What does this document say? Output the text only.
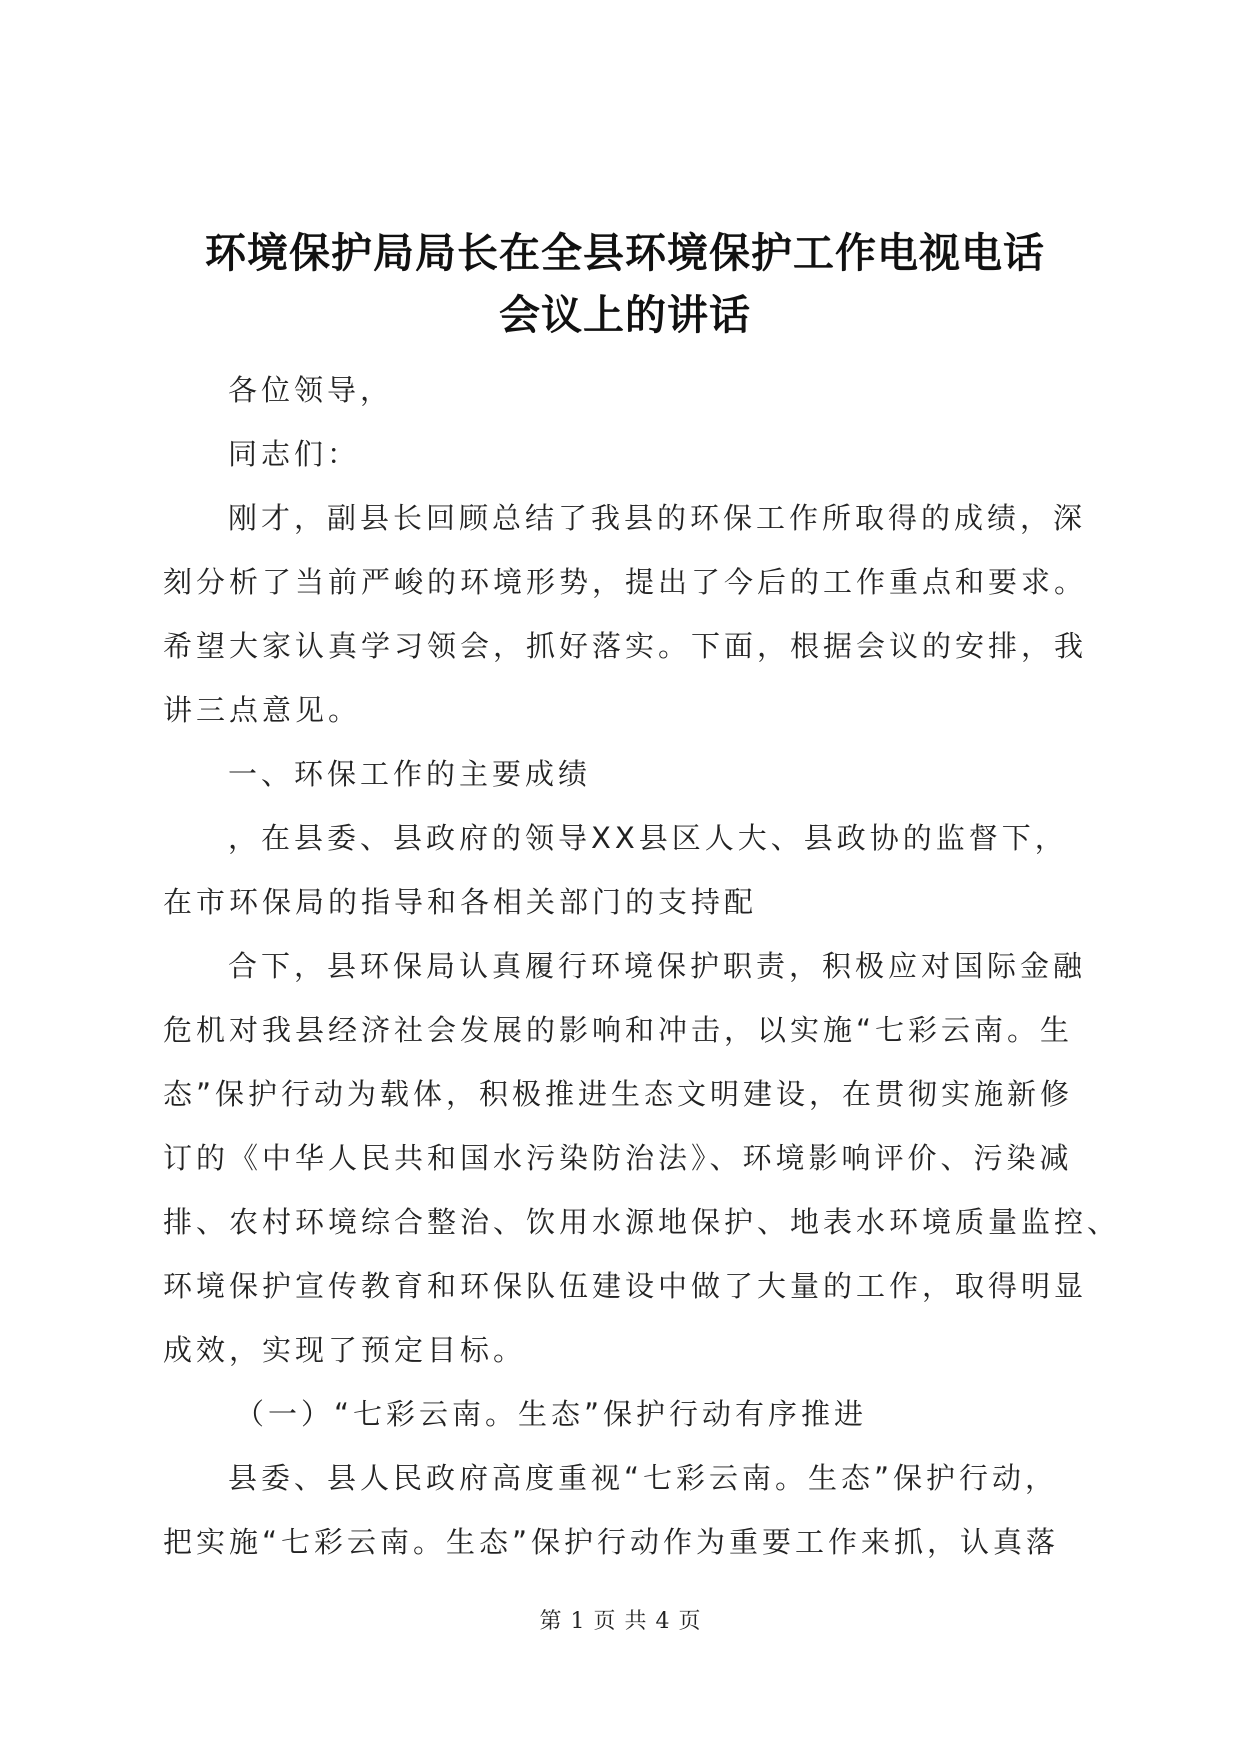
环境保护局局长在全县环境保护工作电视电话
会议上的讲话
各位领导，
同志们：
刚才，副县长回顾总结了我县的环保工作所取得的成绩，深
刻分析了当前严峻的环境形势，提出了今后的工作重点和要求。
希望大家认真学习领会，抓好落实。下面，根据会议的安排，我
讲三点意见。
一、环保工作的主要成绩
，在县委、县政府的领导XX县区人大、县政协的监督下，
在市环保局的指导和各相关部门的支持配
合下，县环保局认真履行环境保护职责，积极应对国际金融
危机对我县经济社会发展的影响和冲击，以实施“七彩云南。生
态”保护行动为载体，积极推进生态文明建设，在贯彻实施新修
订的《中华人民共和国水污染防治法》、环境影响评价、污染减
排、农村环境综合整治、饮用水源地保护、地表水环境质量监控、
环境保护宣传教育和环保队伍建设中做了大量的工作，取得明显
成效，实现了预定目标。
（一）“七彩云南。生态”保护行动有序推进
县委、县人民政府高度重视“七彩云南。生态”保护行动，
把实施“七彩云南。生态”保护行动作为重要工作来抓，认真落
第 1 页 共 4 页
